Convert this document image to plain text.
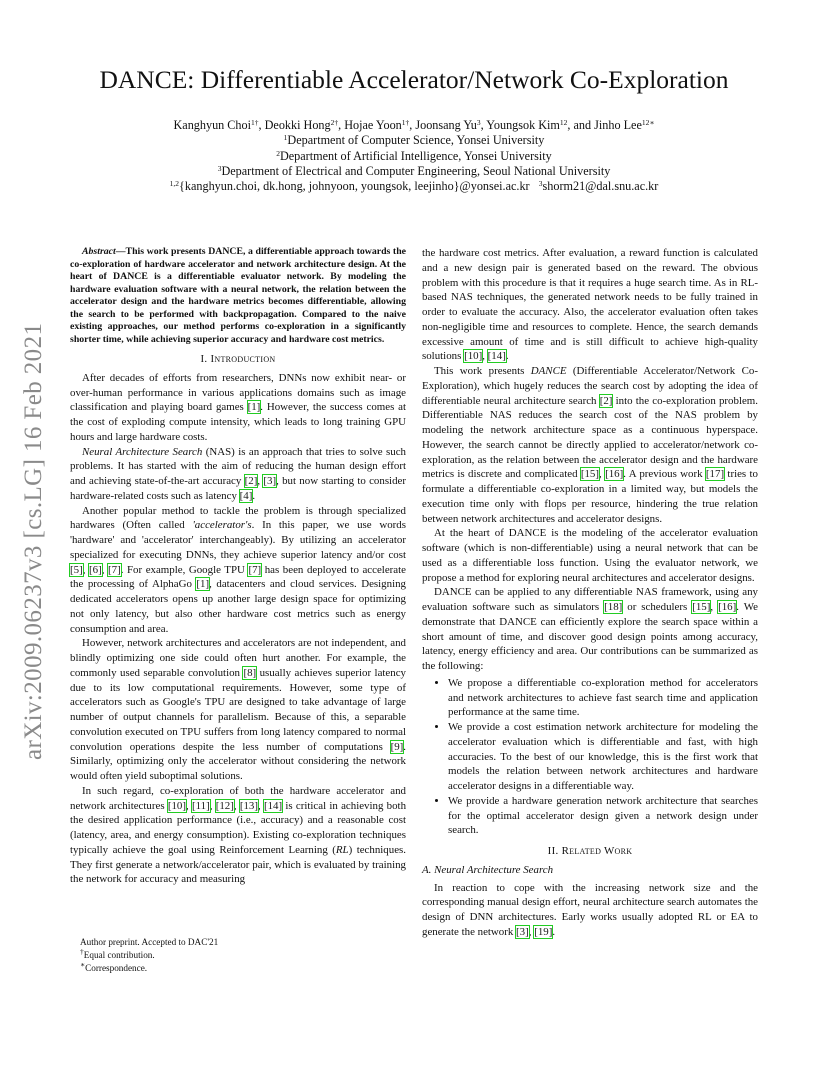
arXiv:2009.06237v3 [cs.LG] 16 Feb 2021
DANCE: Differentiable Accelerator/Network Co-Exploration
Kanghyun Choi$^{1\dagger}$, Deokki Hong$^{2\dagger}$, Hojae Yoon$^{1\dagger}$, Joonsang Yu$^3$, Youngsok Kim$^{12}$, and Jinho Lee$^{12∗}$
$^1$Department of Computer Science, Yonsei University
$^2$Department of Artificial Intelligence, Yonsei University
$^3$Department of Electrical and Computer Engineering, Seoul National University
$^{1,2}${kanghyun.choi, dk.hong, johnyoon, youngsok, leejinho}@yonsei.ac.kr $^3$shorm21@dal.snu.ac.kr

Abstract—This work presents DANCE, a differentiable approach towards the co-exploration of hardware accelerator and network architecture design. At the heart of DANCE is a differentiable evaluator network. By modeling the hardware evaluation software with a neural network, the relation between the accelerator design and the hardware metrics becomes differentiable, allowing the search to be performed with backpropagation. Compared to the naive existing approaches, our method performs co-exploration in a significantly shorter time, while achieving superior accuracy and hardware cost metrics.

I. Introduction

After decades of efforts from researchers, DNNs now exhibit near- or over-human performance in various applications domains such as image classification and playing board games [1]. However, the success comes at the cost of exploding compute intensity, which leads to long training GPU hours and large hardware costs.

Neural Architecture Search (NAS) is an approach that tries to solve such problems. It has started with the aim of reducing the human design effort and achieving state-of-the-art accuracy [2], [3], but now starting to consider hardware-related costs such as latency [4].

Another popular method to tackle the problem is through specialized hardwares (Often called 'accelerator's. In this paper, we use words 'hardware' and 'accelerator' interchangeably). By utilizing an accelerator specialized for executing DNNs, they achieve superior latency and/or cost [5], [6], [7]. For example, Google TPU [7] has been deployed to accelerate the processing of AlphaGo [1], datacenters and cloud services. Designing dedicated accelerators opens up another large design space for optimizing not only latency, but also other hardware cost metrics such as energy consumption and area.

However, network architectures and accelerators are not independent, and blindly optimizing one side could often hurt another. For example, the commonly used separable convolution [8] usually achieves superior latency due to its low computational requirements. However, some type of accelerators such as Google's TPU are designed to take advantage of large number of output channels for parallelism. Because of this, a separable convolution executed on TPU suffers from long latency compared to normal convolution operations despite the less number of computations [9]. Similarly, optimizing only the accelerator without considering the network would often yield suboptimal solutions.

In such regard, co-exploration of both the hardware accelerator and network architectures [10], [11], [12], [13], [14] is critical in achieving both the desired application performance (i.e., accuracy) and a reasonable cost (latency, area, and energy consumption). Existing co-exploration techniques typically achieve the goal using Reinforcement Learning (RL) techniques. They first generate a network/accelerator pair, which is evaluated by training the network for accuracy and measuring

Author preprint. Accepted to DAC'21
†Equal contribution.
∗Correspondence.

the hardware cost metrics. After evaluation, a reward function is calculated and a new design pair is generated based on the reward. The obvious problem with this procedure is that it requires a huge search time. As in RL-based NAS techniques, the generated network needs to be fully trained in order to evaluate the accuracy. Also, the accelerator evaluation often takes non-negligible time and resources to complete. Hence, the search demands excessive amount of time and is still difficult to achieve high-quality solutions [10], [14].

This work presents DANCE (Differentiable Accelerator/Network Co-Exploration), which hugely reduces the search cost by adopting the idea of differentiable neural architecture search [2] into the co-exploration problem. Differentiable NAS reduces the search cost of the NAS problem by modeling the network architecture space as a continuous hyperspace. However, the search cannot be directly applied to accelerator/network co-exploration, as the relation between the accelerator design and the hardware metrics is discrete and complicated [15], [16]. A previous work [17] tries to formulate a differentiable co-exploration in a limited way, but models the execution time only with flops per resource, hindering the true relation between network architectures and accelerator designs.

At the heart of DANCE is the modeling of the accelerator evaluation software (which is non-differentiable) using a neural network that can be used as a differentiable loss function. Using the evaluator network, we propose a method for exploring neural architectures and accelerator designs.

DANCE can be applied to any differentiable NAS framework, using any evaluation software such as simulators [18] or schedulers [15], [16]. We demonstrate that DANCE can efficiently explore the search space within a short amount of time, and discover good design points among accuracy, latency, energy efficiency and area. Our contributions can be summarized as the following:

• We propose a differentiable co-exploration method for accelerators and network architectures to achieve fast search time and application performance at the same time.
• We provide a cost estimation network architecture for modeling the accelerator evaluation which is differentiable and fast, with high accuracies. To the best of our knowledge, this is the first work that models the relation between network architectures and hardware accelerator designs in a differentiable way.
• We provide a hardware generation network architecture that searches for the optimal accelerator design given a network design under search.
II. Related Work
A. Neural Architecture Search

In reaction to cope with the increasing network size and the corresponding manual design effort, neural architecture search automates the design of DNN architectures. Early works usually adopted RL or EA to generate the network [3], [19].
